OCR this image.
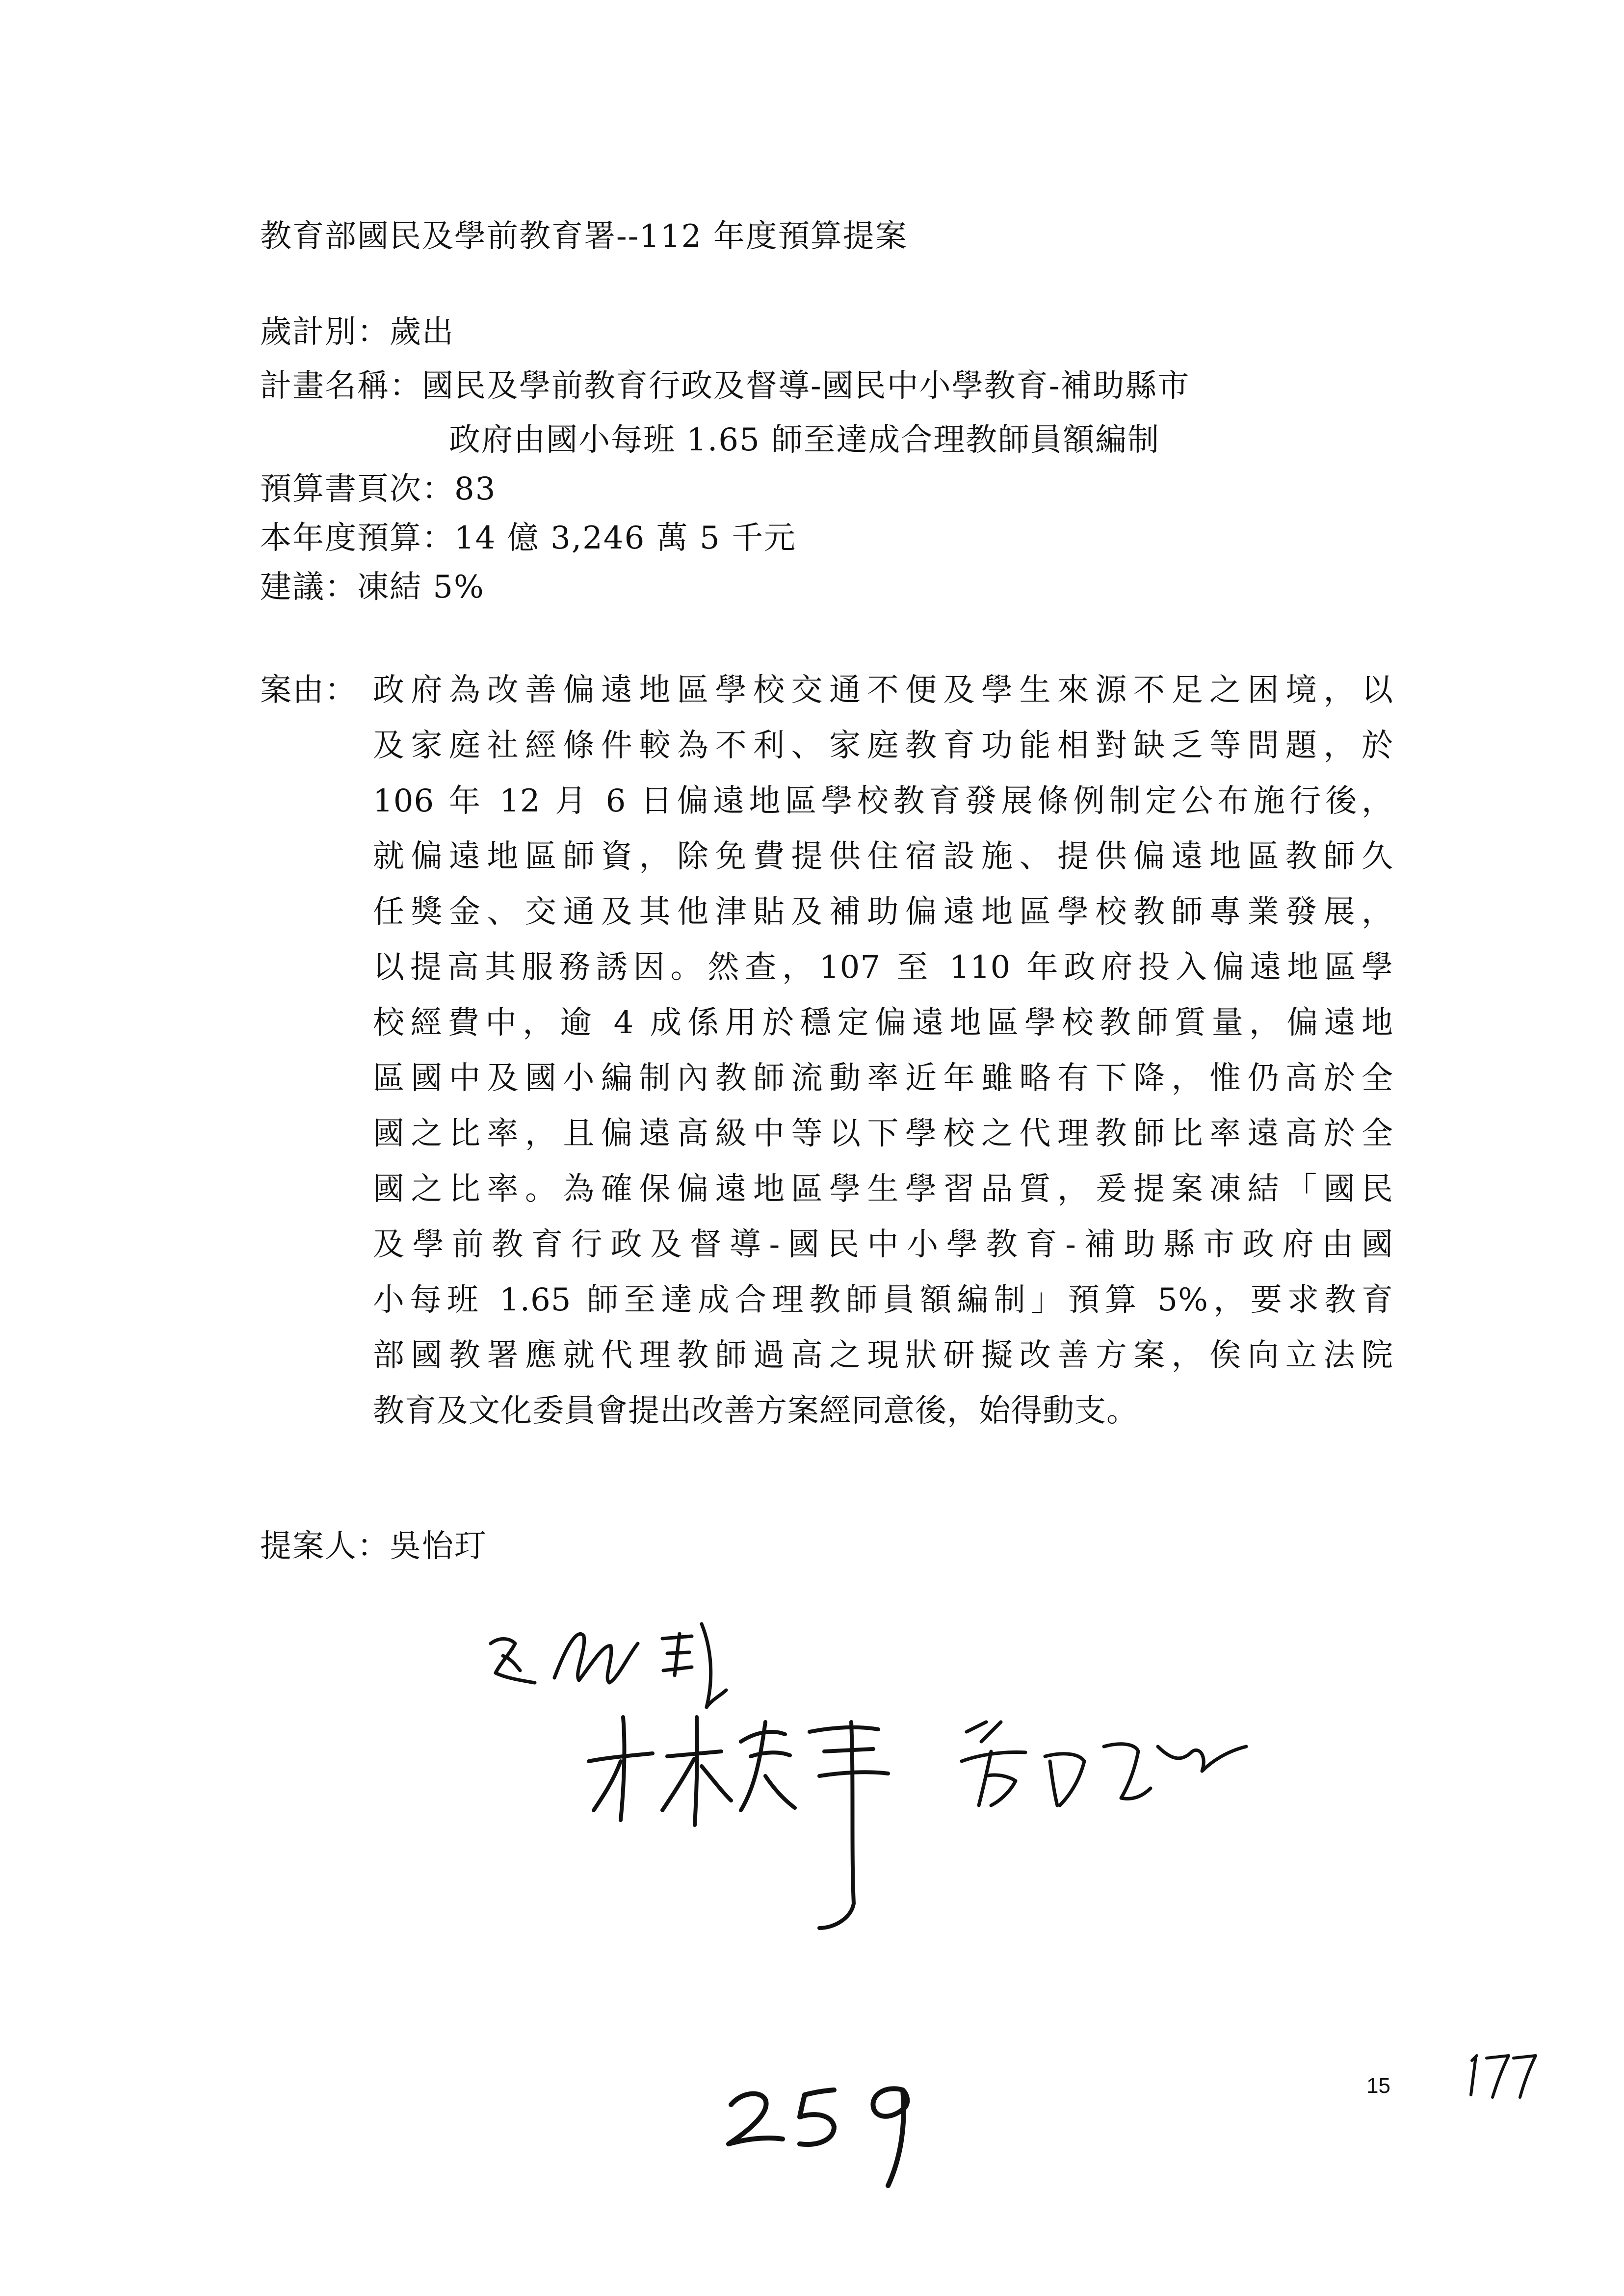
教育部國民及學前教育署--112 年度預算提案
歲計別：歲出
計畫名稱：國民及學前教育行政及督導-國民中小學教育-補助縣市
政府由國小每班 1.65 師至達成合理教師員額編制
預算書頁次：83
本年度預算：14 億 3,246 萬 5 千元
建議：凍結 5%
案由： 政府為改善偏遠地區學校交通不便及學生來源不足之困境，以
及家庭社經條件較為不利、家庭教育功能相對缺乏等問題，於
106 年 12 月 6 日偏遠地區學校教育發展條例制定公布施行後，
就偏遠地區師資，除免費提供住宿設施、提供偏遠地區教師久
任獎金、交通及其他津貼及補助偏遠地區學校教師專業發展，
以提高其服務誘因。然查，107 至 110 年政府投入偏遠地區學
校經費中，逾 4 成係用於穩定偏遠地區學校教師質量，偏遠地
區國中及國小編制內教師流動率近年雖略有下降，惟仍高於全
國之比率，且偏遠高級中等以下學校之代理教師比率遠高於全
國之比率。為確保偏遠地區學生學習品質，爰提案凍結「國民
及學前教育行政及督導-國民中小學教育-補助縣市政府由國
小每班 1.65 師至達成合理教師員額編制」預算 5%，要求教育
部國教署應就代理教師過高之現狀研擬改善方案，俟向立法院
教育及文化委員會提出改善方案經同意後，始得動支。
提案人：吳怡玎
15
